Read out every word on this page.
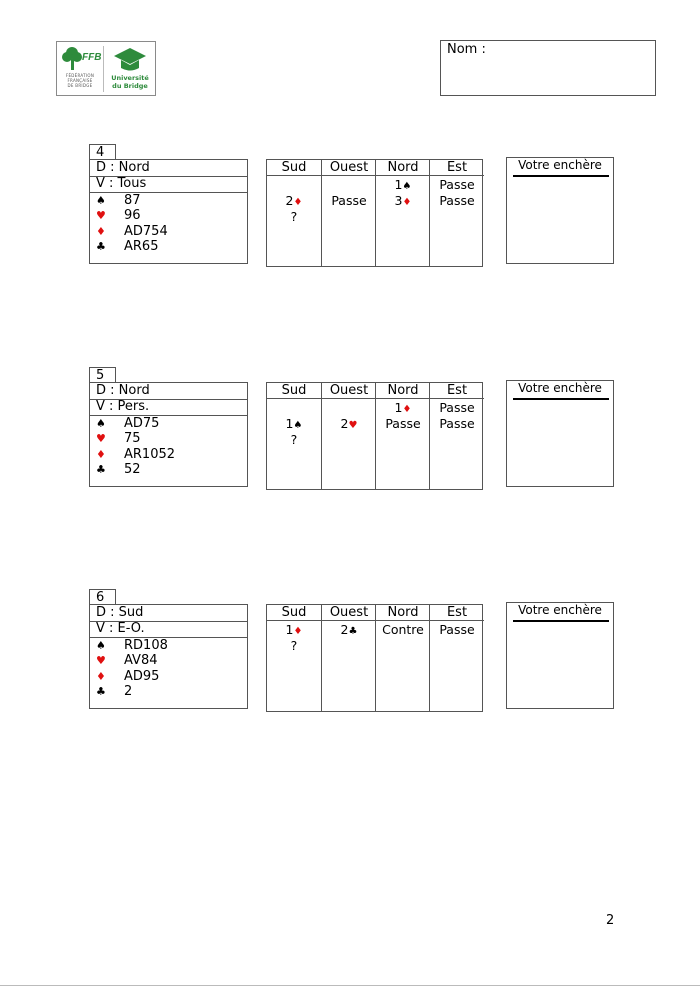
FFB
FÉDÉRATION
FRANÇAISE
DE BRIDGE
Université
du Bridge
Nom :
4
D : Nord
V : Tous
♠ 87
♥ 96
♦ AD754
♣ AR65
Sud
2♦
?
Ouest
Passe
Nord
1♠
3♦
Est
Passe
Passe
Votre enchère
5
D : Nord
V : Pers.
♠ AD75
♥ 75
♦ AR1052
♣ 52
Sud
1♠
?
Ouest
2♥
Nord
1♦
Passe
Est
Passe
Passe
Votre enchère
6
D : Sud
V : E-O.
♠ RD108
♥ AV84
♦ AD95
♣ 2
Sud
1♦
?
Ouest
2♣
Nord
Contre
Est
Passe
Votre enchère
2
